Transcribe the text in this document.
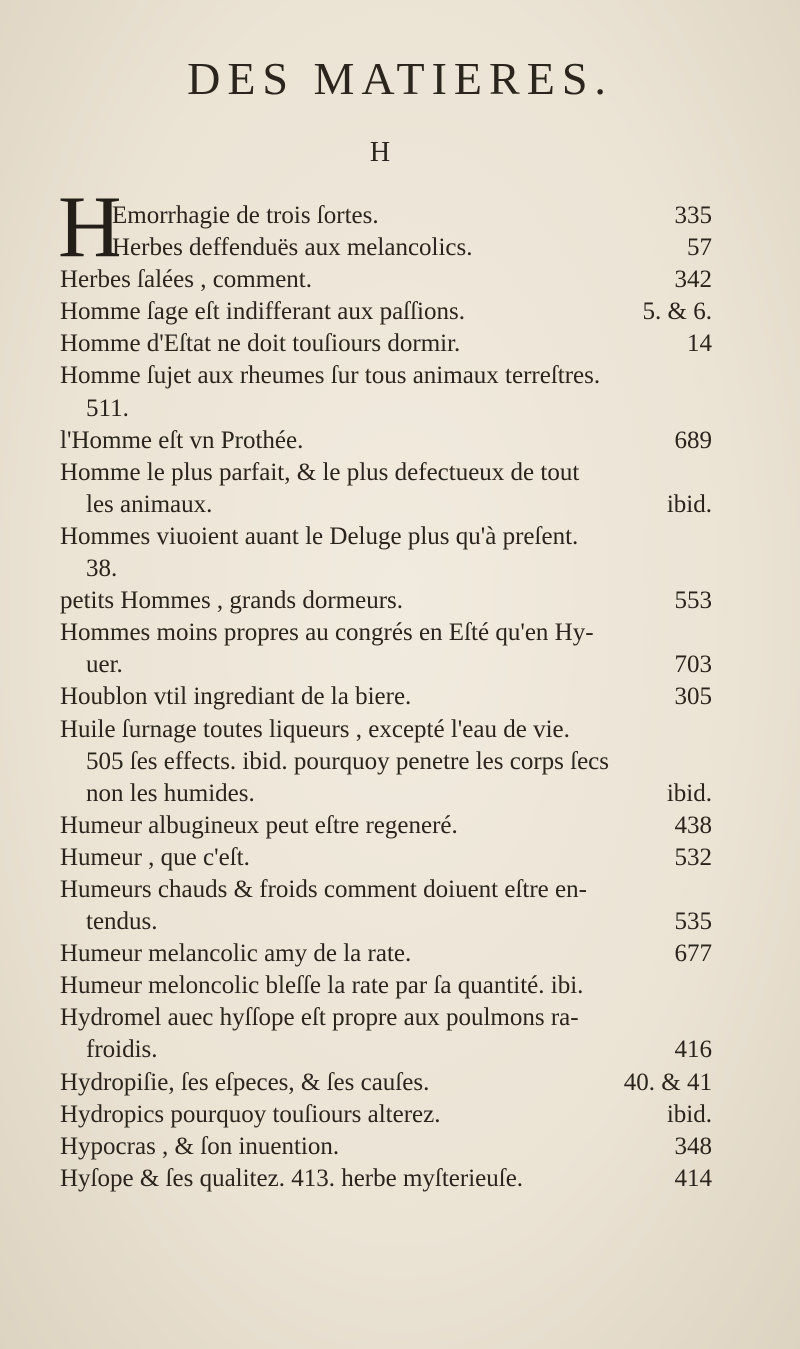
DES MATIERES.
H
H
Emorrhagie de trois ſortes.	335
Herbes deffenduës aux melancolics.	57
Herbes ſalées , comment.	342
Homme ſage eſt indifferant aux paſſions.	5. & 6.
Homme d'Eſtat ne doit touſiours dormir.	14
Homme ſujet aux rheumes ſur tous animaux terreſtres.
511.
l'Homme eſt vn Prothée.	689
Homme le plus parfait, & le plus defectueux de tout
les animaux.	ibid.
Hommes viuoient auant le Deluge plus qu'à preſent.
38.
petits Hommes , grands dormeurs.	553
Hommes moins propres au congrés en Eſté qu'en Hy-
uer.	703
Houblon vtil ingrediant de la biere.	305
Huile ſurnage toutes liqueurs , excepté l'eau de vie.
505 ſes effects. ibid. pourquoy penetre les corps ſecs
non les humides.	ibid.
Humeur albugineux peut eſtre regeneré.	438
Humeur , que c'eſt.	532
Humeurs chauds & froids comment doiuent eſtre en-
tendus.	535
Humeur melancolic amy de la rate.	677
Humeur meloncolic bleſſe la rate par ſa quantité. ibi.
Hydromel auec hyſſope eſt propre aux poulmons ra-
froidis.	416
Hydropiſie, ſes eſpeces, & ſes cauſes.	40. & 41
Hydropics pourquoy touſiours alterez.	ibid.
Hypocras , & ſon inuention.	348
Hyſope & ſes qualitez. 413. herbe myſterieuſe.	414
